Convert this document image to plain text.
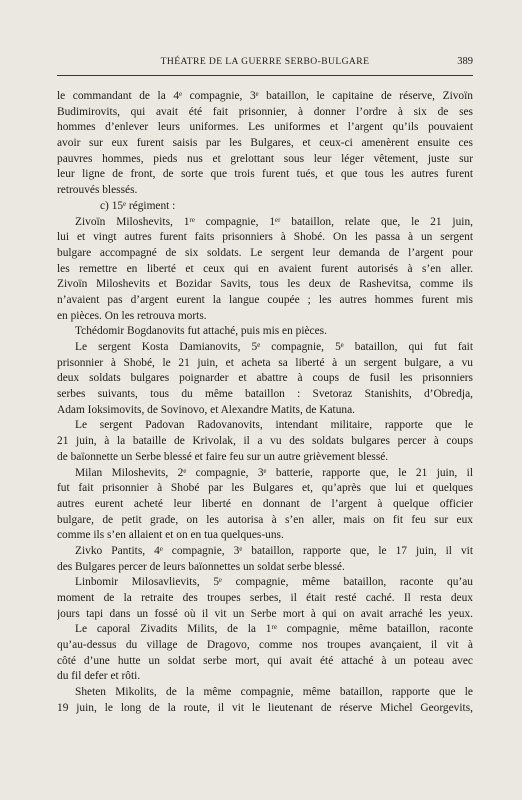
THÉATRE DE LA GUERRE SERBO-BULGARE	389
le commandant de la 4ᵉ compagnie, 3ᵉ bataillon, le capitaine de réserve, Zivoïn
Budimirovits, qui avait été fait prisonnier, à donner l’ordre à six de ses
hommes d’enlever leurs uniformes. Les uniformes et l’argent qu’ils pouvaient
avoir sur eux furent saisis par les Bulgares, et ceux-ci amenèrent ensuite ces
pauvres hommes, pieds nus et grelottant sous leur léger vêtement, juste sur
leur ligne de front, de sorte que trois furent tués, et que tous les autres furent
retrouvés blessés.
c) 15ᵉ régiment :
Zivoïn Miloshevits, 1ʳᵉ compagnie, 1ᵉʳ bataillon, relate que, le 21 juin,
lui et vingt autres furent faits prisonniers à Shobé. On les passa à un sergent
bulgare accompagné de six soldats. Le sergent leur demanda de l’argent pour
les remettre en liberté et ceux qui en avaient furent autorisés à s’en aller.
Zivoïn Miloshevits et Bozidar Savits, tous les deux de Rashevitsa, comme ils
n’avaient pas d’argent eurent la langue coupée ; les autres hommes furent mis
en pièces. On les retrouva morts.
Tchédomir Bogdanovits fut attaché, puis mis en pièces.
Le sergent Kosta Damianovits, 5ᵉ compagnie, 5ᵉ bataillon, qui fut fait
prisonnier à Shobé, le 21 juin, et acheta sa liberté à un sergent bulgare, a vu
deux soldats bulgares poignarder et abattre à coups de fusil les prisonniers
serbes suivants, tous du même bataillon : Svetoraz Stanishits, d’Obredja,
Adam Ioksimovits, de Sovinovo, et Alexandre Matits, de Katuna.
Le sergent Padovan Radovanovits, intendant militaire, rapporte que le
21 juin, à la bataille de Krivolak, il a vu des soldats bulgares percer à coups
de baïonnette un Serbe blessé et faire feu sur un autre grièvement blessé.
Milan Miloshevits, 2ᵉ compagnie, 3ᵉ batterie, rapporte que, le 21 juin, il
fut fait prisonnier à Shobé par les Bulgares et, qu’après que lui et quelques
autres eurent acheté leur liberté en donnant de l’argent à quelque officier
bulgare, de petit grade, on les autorisa à s’en aller, mais on fit feu sur eux
comme ils s’en allaient et on en tua quelques-uns.
Zivko Pantits, 4ᵉ compagnie, 3ᵉ bataillon, rapporte que, le 17 juin, il vit
des Bulgares percer de leurs baïonnettes un soldat serbe blessé.
Linbomir Milosavlievits, 5ᵉ compagnie, même bataillon, raconte qu’au
moment de la retraite des troupes serbes, il était resté caché. Il resta deux
jours tapi dans un fossé où il vit un Serbe mort à qui on avait arraché les yeux.
Le caporal Zivadits Milits, de la 1ʳᵉ compagnie, même bataillon, raconte
qu’au-dessus du village de Dragovo, comme nos troupes avançaient, il vit à
côté d’une hutte un soldat serbe mort, qui avait été attaché à un poteau avec
du fil defer et rôti.
Sheten Mikolits, de la même compagnie, même bataillon, rapporte que le
19 juin, le long de la route, il vit le lieutenant de réserve Michel Georgevits,
